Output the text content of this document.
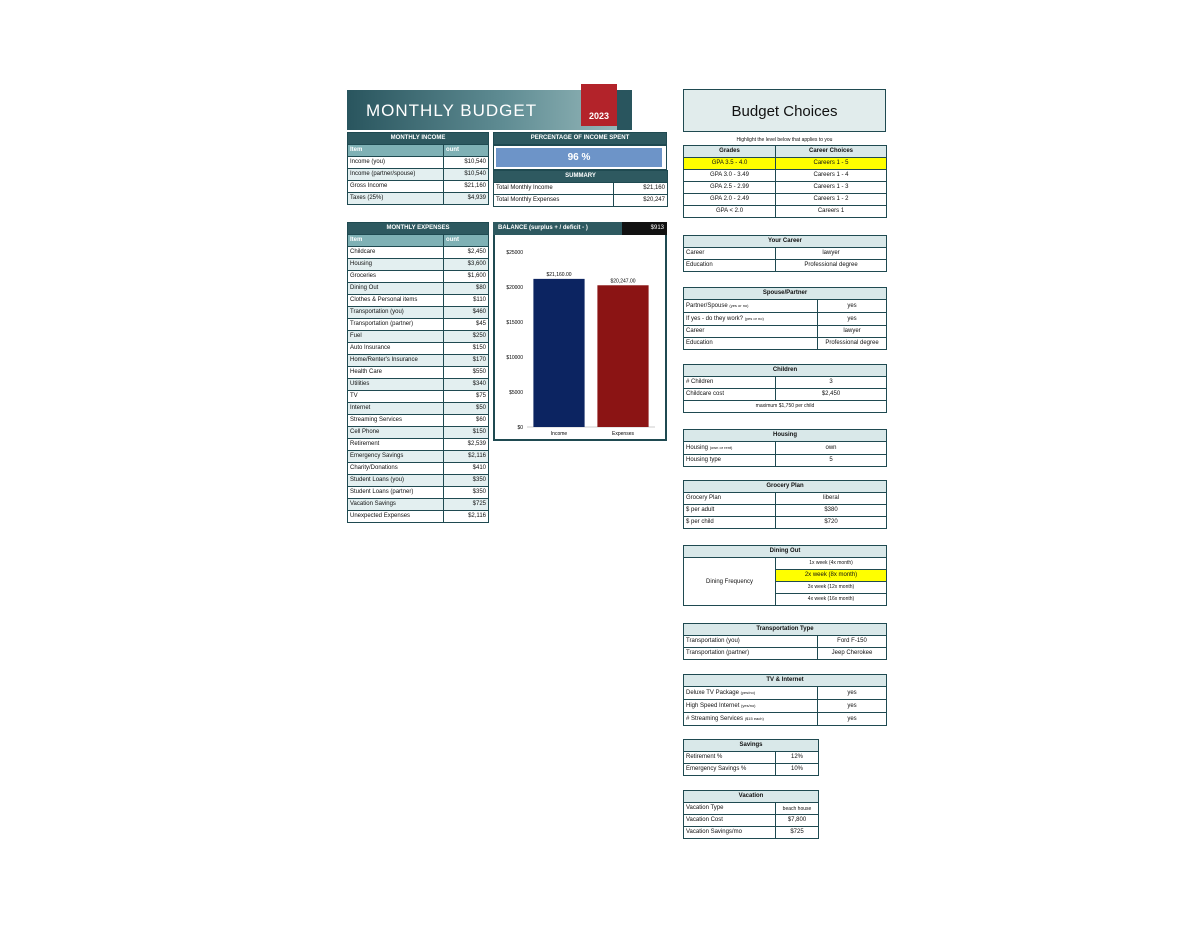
MONTHLY BUDGET	2023
MONTHLY INCOME	
Item	ount
Income (you)	$10,540
Income (partner/spouse)	$10,540
Gross Income	$21,160
Taxes (25%)	$4,939
PERCENTAGE OF INCOME SPENT
96 %
SUMMARY	
Total Monthly Income	$21,160
Total Monthly Expenses	$20,247
MONTHLY EXPENSES	
Item	ount
Childcare	$2,450
Housing	$3,600
Groceries	$1,600
Dining Out	$80
Clothes & Personal items	$110
Transportation (you)	$460
Transportation (partner)	$45
Fuel	$250
Auto Insurance	$150
Home/Renter's Insurance	$170
Health Care	$550
Utilities	$340
TV	$75
Internet	$50
Streaming Services	$60
Cell Phone	$150
Retirement	$2,539
Emergency Savings	$2,116
Charity/Donations	$410
Student Loans (you)	$350
Student Loans (partner)	$350
Vacation Savings	$725
Unexpected Expenses	$2,116
$0
$5000
$10000
$15000
$20000
$25000
$21,160.00
Income
$20,247.00
Expenses
BALANCE (surplus + / deficit - )	$913
Budget Choices
Highlight the level below that applies to you
Grades	Career Choices
GPA 3.5 - 4.0	Careers 1 - 5
GPA 3.0 - 3.49	Careers 1 - 4
GPA 2.5 - 2.99	Careers 1 - 3
GPA 2.0 - 2.49	Careers 1 - 2
GPA < 2.0	Careers 1
Your Career	
Career	lawyer
Education	Professional degree
Spouse/Partner	
Partner/Spouse (yes or no)	yes
If yes - do they work? (yes or no)	yes
Career	lawyer
Education	Professional degree
Children	
# Children	3
Childcare cost	$2,450
maximum $1,750 per child	
Housing	
Housing (own or rent)	own
Housing type	5
Grocery Plan	
Grocery Plan	liberal
$ per adult	$380
$ per child	$720
Dining Out
Dining Frequency	1x week (4x month)
2x week (8x month)
3x week (12x month)
4x week (16x month)
Transportation Type	
Transportation (you)	Ford F-150
Transportation (partner)	Jeep Cherokee
TV & Internet	
Deluxe TV Package (yes/no)	yes
High Speed Internet (yes/no)	yes
# Streaming Services ($15 each)	yes
Savings	
Retirement %	12%
Emergency Savings %	10%
Vacation	
Vacation Type	beach house
Vacation Cost	$7,800
Vacation Savings/mo	$725
